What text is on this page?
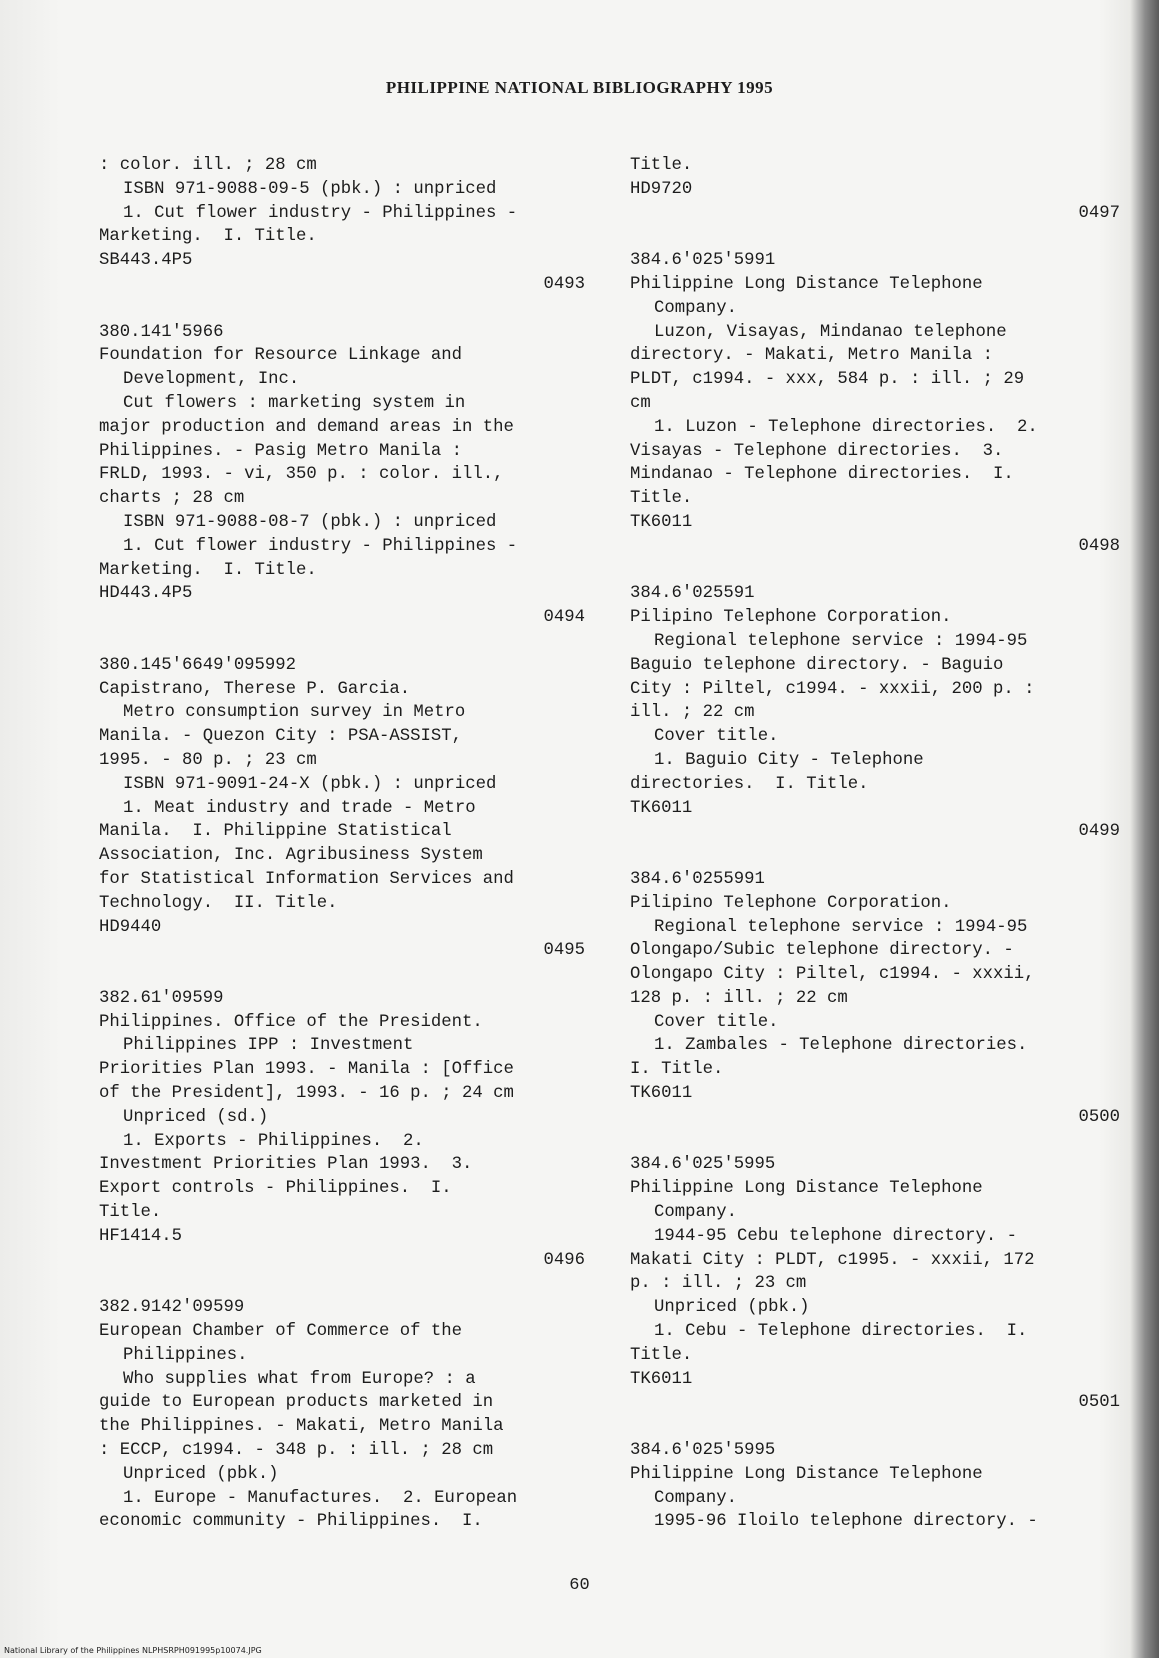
PHILIPPINE NATIONAL BIBLIOGRAPHY 1995
: color. ill. ; 28 cm
ISBN 971-9088-09-5 (pbk.) : unpriced
1. Cut flower industry - Philippines -
Marketing.  I. Title.
SB443.4P5
0493
380.141'5966
Foundation for Resource Linkage and
Development, Inc.
Cut flowers : marketing system in
major production and demand areas in the
Philippines. - Pasig Metro Manila :
FRLD, 1993. - vi, 350 p. : color. ill.,
charts ; 28 cm
ISBN 971-9088-08-7 (pbk.) : unpriced
1. Cut flower industry - Philippines -
Marketing.  I. Title.
HD443.4P5
0494
380.145'6649'095992
Capistrano, Therese P. Garcia.
Metro consumption survey in Metro
Manila. - Quezon City : PSA-ASSIST,
1995. - 80 p. ; 23 cm
ISBN 971-9091-24-X (pbk.) : unpriced
1. Meat industry and trade - Metro
Manila.  I. Philippine Statistical
Association, Inc. Agribusiness System
for Statistical Information Services and
Technology.  II. Title.
HD9440
0495
382.61'09599
Philippines. Office of the President.
Philippines IPP : Investment
Priorities Plan 1993. - Manila : [Office
of the President], 1993. - 16 p. ; 24 cm
Unpriced (sd.)
1. Exports - Philippines.  2.
Investment Priorities Plan 1993.  3.
Export controls - Philippines.  I.
Title.
HF1414.5
0496
382.9142'09599
European Chamber of Commerce of the
Philippines.
Who supplies what from Europe? : a
guide to European products marketed in
the Philippines. - Makati, Metro Manila
: ECCP, c1994. - 348 p. : ill. ; 28 cm
Unpriced (pbk.)
1. Europe - Manufactures.  2. European
economic community - Philippines.  I.
Title.
HD9720
0497
384.6'025'5991
Philippine Long Distance Telephone
Company.
Luzon, Visayas, Mindanao telephone
directory. - Makati, Metro Manila :
PLDT, c1994. - xxx, 584 p. : ill. ; 29
cm
1. Luzon - Telephone directories.  2.
Visayas - Telephone directories.  3.
Mindanao - Telephone directories.  I.
Title.
TK6011
0498
384.6'025591
Pilipino Telephone Corporation.
Regional telephone service : 1994-95
Baguio telephone directory. - Baguio
City : Piltel, c1994. - xxxii, 200 p. :
ill. ; 22 cm
Cover title.
1. Baguio City - Telephone
directories.  I. Title.
TK6011
0499
384.6'0255991
Pilipino Telephone Corporation.
Regional telephone service : 1994-95
Olongapo/Subic telephone directory. -
Olongapo City : Piltel, c1994. - xxxii,
128 p. : ill. ; 22 cm
Cover title.
1. Zambales - Telephone directories.
I. Title.
TK6011
0500
384.6'025'5995
Philippine Long Distance Telephone
Company.
1944-95 Cebu telephone directory. -
Makati City : PLDT, c1995. - xxxii, 172
p. : ill. ; 23 cm
Unpriced (pbk.)
1. Cebu - Telephone directories.  I.
Title.
TK6011
0501
384.6'025'5995
Philippine Long Distance Telephone
Company.
1995-96 Iloilo telephone directory. -
60
National Library of the Philippines NLPHSRPH091995p10074.JPG
